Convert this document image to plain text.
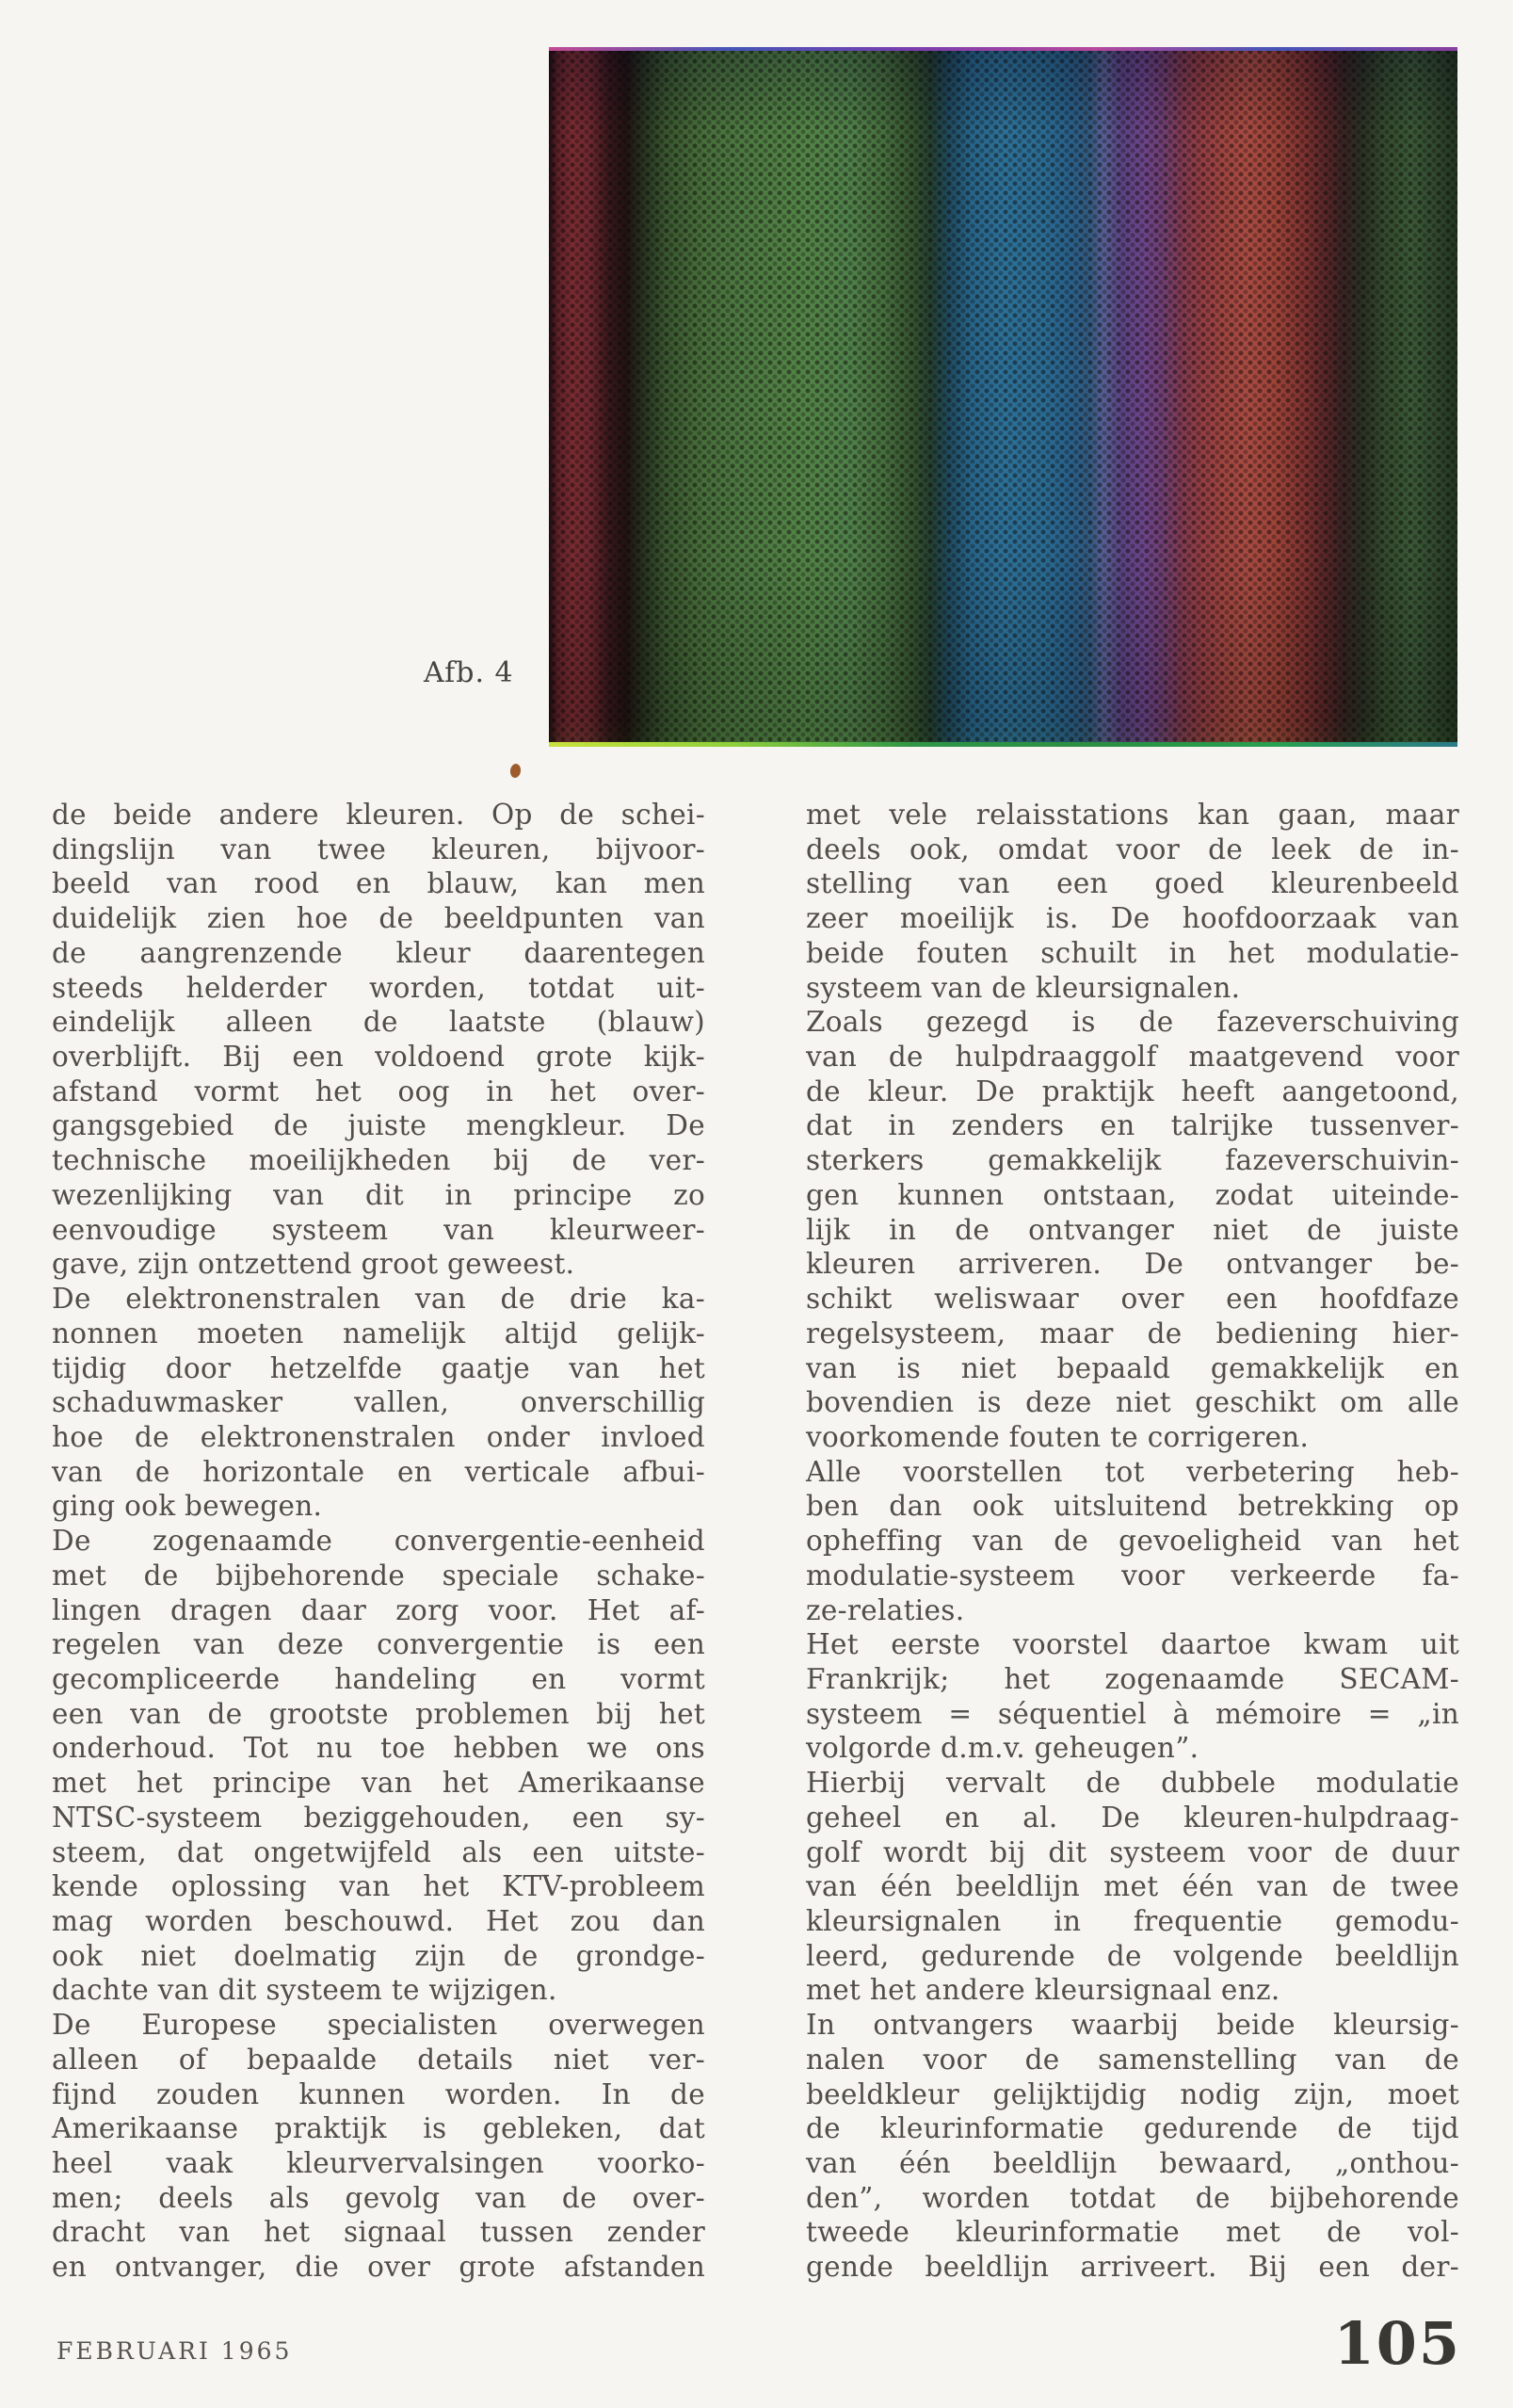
Afb. 4
de beide andere kleuren. Op de schei-
dingslijn van twee kleuren, bijvoor-
beeld van rood en blauw, kan men
duidelijk zien hoe de beeldpunten van
de aangrenzende kleur daarentegen
steeds helderder worden, totdat uit-
eindelijk alleen de laatste (blauw)
overblijft. Bij een voldoend grote kijk-
afstand vormt het oog in het over-
gangsgebied de juiste mengkleur. De
technische moeilijkheden bij de ver-
wezenlijking van dit in principe zo
eenvoudige systeem van kleurweer-
gave, zijn ontzettend groot geweest.
De elektronenstralen van de drie ka-
nonnen moeten namelijk altijd gelijk-
tijdig door hetzelfde gaatje van het
schaduwmasker vallen, onverschillig
hoe de elektronenstralen onder invloed
van de horizontale en verticale afbui-
ging ook bewegen.
De zogenaamde convergentie-eenheid
met de bijbehorende speciale schake-
lingen dragen daar zorg voor. Het af-
regelen van deze convergentie is een
gecompliceerde handeling en vormt
een van de grootste problemen bij het
onderhoud. Tot nu toe hebben we ons
met het principe van het Amerikaanse
NTSC-systeem beziggehouden, een sy-
steem, dat ongetwijfeld als een uitste-
kende oplossing van het KTV-probleem
mag worden beschouwd. Het zou dan
ook niet doelmatig zijn de grondge-
dachte van dit systeem te wijzigen.
De Europese specialisten overwegen
alleen of bepaalde details niet ver-
fijnd zouden kunnen worden. In de
Amerikaanse praktijk is gebleken, dat
heel vaak kleurvervalsingen voorko-
men; deels als gevolg van de over-
dracht van het signaal tussen zender
en ontvanger, die over grote afstanden
met vele relaisstations kan gaan, maar
deels ook, omdat voor de leek de in-
stelling van een goed kleurenbeeld
zeer moeilijk is. De hoofdoorzaak van
beide fouten schuilt in het modulatie-
systeem van de kleursignalen.
Zoals gezegd is de fazeverschuiving
van de hulpdraaggolf maatgevend voor
de kleur. De praktijk heeft aangetoond,
dat in zenders en talrijke tussenver-
sterkers gemakkelijk fazeverschuivin-
gen kunnen ontstaan, zodat uiteinde-
lijk in de ontvanger niet de juiste
kleuren arriveren. De ontvanger be-
schikt weliswaar over een hoofdfaze
regelsysteem, maar de bediening hier-
van is niet bepaald gemakkelijk en
bovendien is deze niet geschikt om alle
voorkomende fouten te corrigeren.
Alle voorstellen tot verbetering heb-
ben dan ook uitsluitend betrekking op
opheffing van de gevoeligheid van het
modulatie-systeem voor verkeerde fa-
ze-relaties.
Het eerste voorstel daartoe kwam uit
Frankrijk; het zogenaamde SECAM-
systeem = séquentiel à mémoire = „in
volgorde d.m.v. geheugen”.
Hierbij vervalt de dubbele modulatie
geheel en al. De kleuren-hulpdraag-
golf wordt bij dit systeem voor de duur
van één beeldlijn met één van de twee
kleursignalen in frequentie gemodu-
leerd, gedurende de volgende beeldlijn
met het andere kleursignaal enz.
In ontvangers waarbij beide kleursig-
nalen voor de samenstelling van de
beeldkleur gelijktijdig nodig zijn, moet
de kleurinformatie gedurende de tijd
van één beeldlijn bewaard, „onthou-
den”, worden totdat de bijbehorende
tweede kleurinformatie met de vol-
gende beeldlijn arriveert. Bij een der-
FEBRUARI 1965	105
